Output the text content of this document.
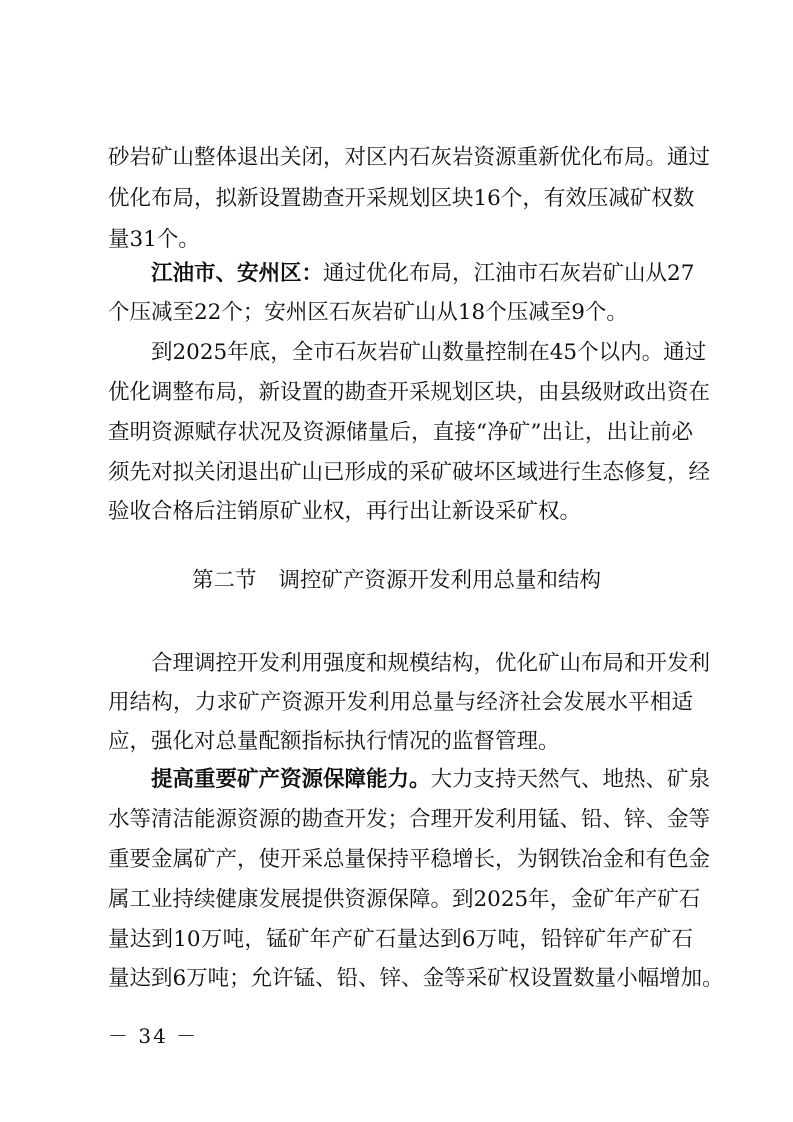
砂岩矿山整体退出关闭，对区内石灰岩资源重新优化布局。通过
优化布局，拟新设置勘查开采规划区块16个，有效压减矿权数
量31个。
江油市、安州区：通过优化布局，江油市石灰岩矿山从27
个压减至22个；安州区石灰岩矿山从18个压减至9个。
到2025年底，全市石灰岩矿山数量控制在45个以内。通过
优化调整布局，新设置的勘查开采规划区块，由县级财政出资在
查明资源赋存状况及资源储量后，直接“净矿”出让，出让前必
须先对拟关闭退出矿山已形成的采矿破坏区域进行生态修复，经
验收合格后注销原矿业权，再行出让新设采矿权。
第二节 调控矿产资源开发利用总量和结构
合理调控开发利用强度和规模结构，优化矿山布局和开发利
用结构，力求矿产资源开发利用总量与经济社会发展水平相适
应，强化对总量配额指标执行情况的监督管理。
提高重要矿产资源保障能力。大力支持天然气、地热、矿泉
水等清洁能源资源的勘查开发；合理开发利用锰、铅、锌、金等
重要金属矿产，使开采总量保持平稳增长，为钢铁冶金和有色金
属工业持续健康发展提供资源保障。到2025年，金矿年产矿石
量达到10万吨，锰矿年产矿石量达到6万吨，铅锌矿年产矿石
量达到6万吨；允许锰、铅、锌、金等采矿权设置数量小幅增加。
－ 34 －
